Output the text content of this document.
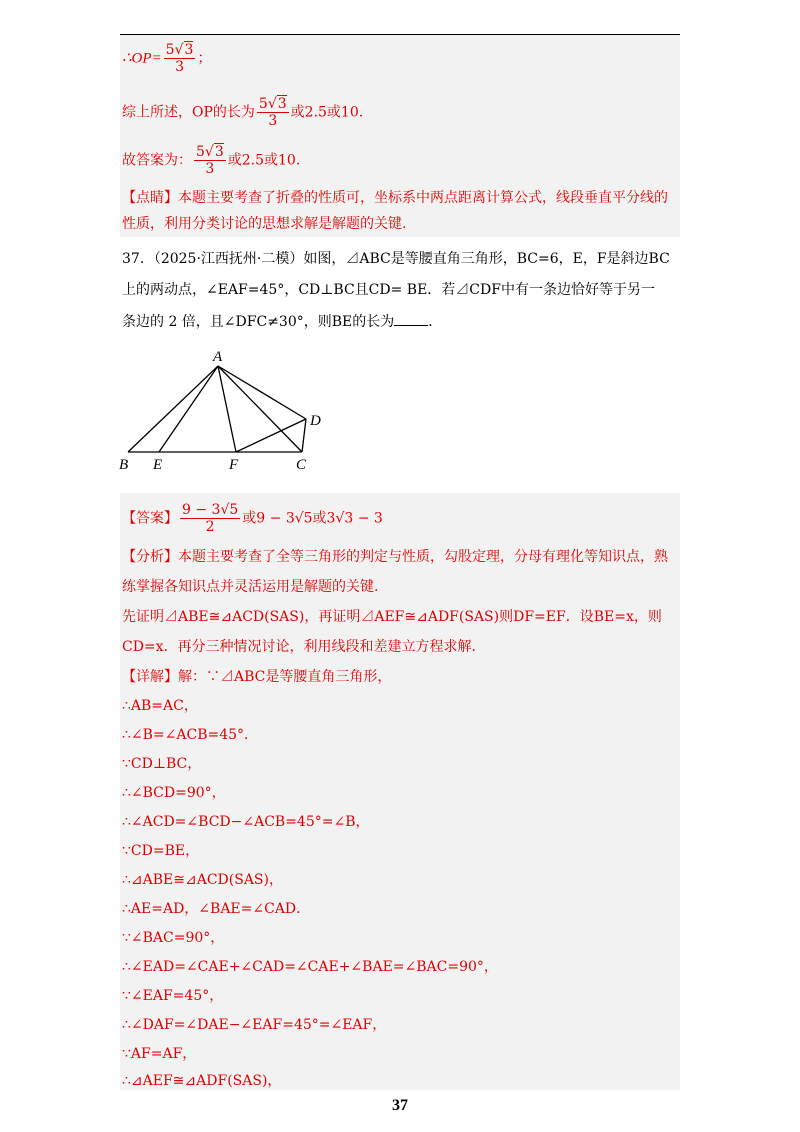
∴OP= $\frac{5√3}{3}$ ；
综上所述，OP的长为 $\frac{5√3}{3}$ 或2.5或10.
故答案为： $\frac{5√3}{3}$ 或2.5或10.
【点睛】本题主要考查了折叠的性质可，坐标系中两点距离计算公式，线段垂直平分线的
性质，利用分类讨论的思想求解是解题的关键.
37．（2025·江西抚州·二模）如图，⊿ABC是等腰直角三角形，BC=6，E，F是斜边BC
上的两动点，∠EAF=45°，CD⊥BC且CD= BE．若⊿CDF中有一条边恰好等于另一
条边的 2 倍，且∠DFC≠30°，则BE的长为 ．
A
B E	F	C
D
【答案】 $\frac{9 - 3√5}{2}$ 或9 − 3√5或3√3 − 3
【分析】本题主要考查了全等三角形的判定与性质，勾股定理，分母有理化等知识点，熟
练掌握各知识点并灵活运用是解题的关键.
先证明⊿ABE≅⊿ACD(SAS)，再证明⊿AEF≅⊿ADF(SAS)则DF=EF．设BE=x，则
CD=x．再分三种情况讨论，利用线段和差建立方程求解.
【详解】解：∵⊿ABC是等腰直角三角形，
∴AB=AC，
∴∠B=∠ACB=45°．
∵CD⊥BC，
∴∠BCD=90°，
∴∠ACD=∠BCD−∠ACB=45°=∠B，
∵CD=BE，
∴⊿ABE≅⊿ACD(SAS)，
∴AE=AD，∠BAE=∠CAD．
∵∠BAC=90°，
∴∠EAD=∠CAE+∠CAD=∠CAE+∠BAE=∠BAC=90°，
∵∠EAF=45°，
∴∠DAF=∠DAE−∠EAF=45°=∠EAF，
∵AF=AF，
∴⊿AEF≅⊿ADF(SAS)，
37
